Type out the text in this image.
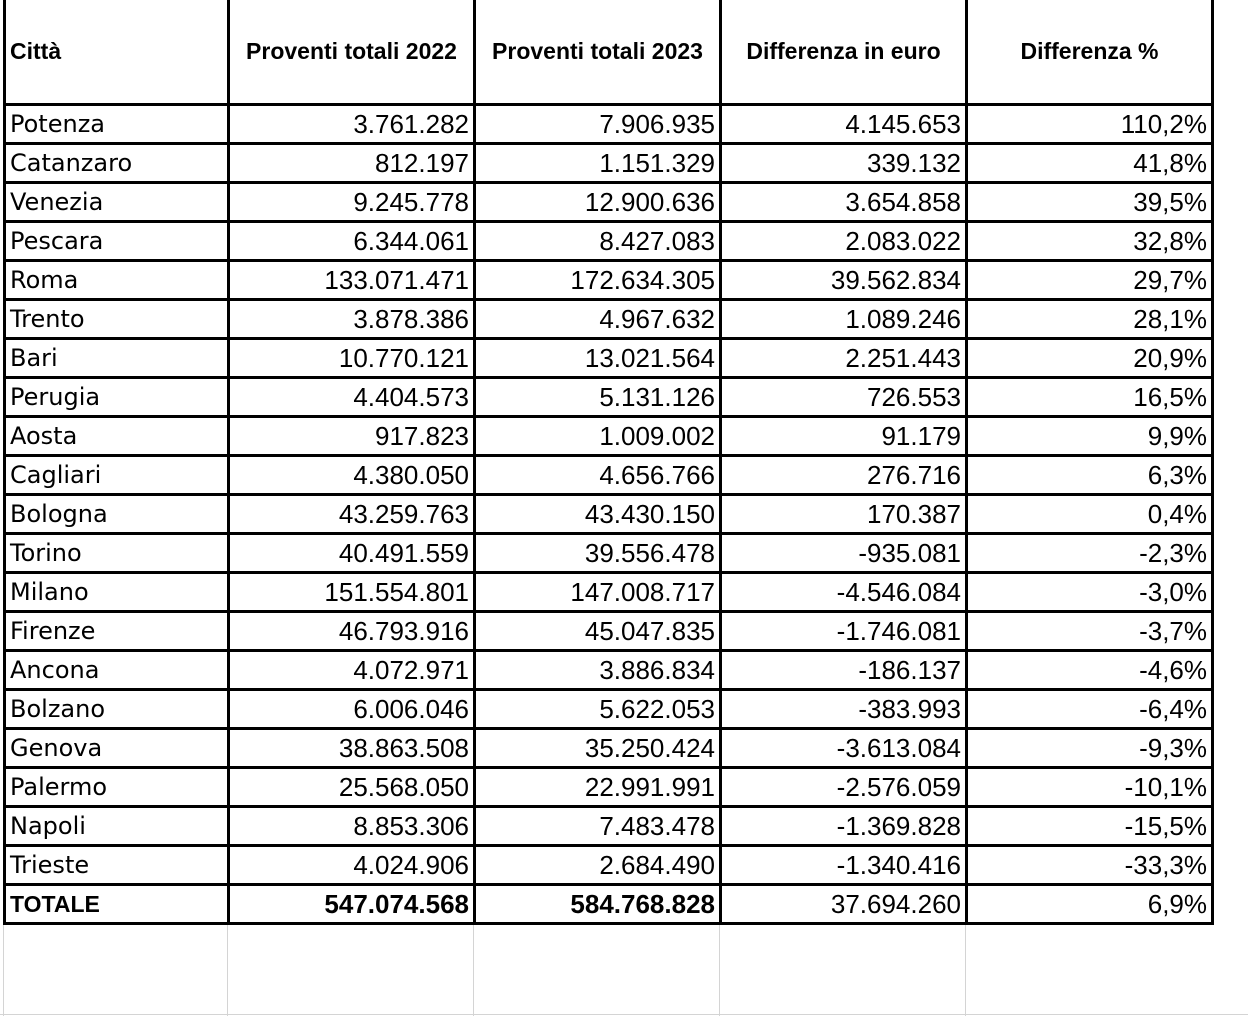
Città	Proventi totali 2022	Proventi totali 2023	Differenza in euro	Differenza %
Potenza	3.761.282	7.906.935	4.145.653	110,2%
Catanzaro	812.197	1.151.329	339.132	41,8%
Venezia	9.245.778	12.900.636	3.654.858	39,5%
Pescara	6.344.061	8.427.083	2.083.022	32,8%
Roma	133.071.471	172.634.305	39.562.834	29,7%
Trento	3.878.386	4.967.632	1.089.246	28,1%
Bari	10.770.121	13.021.564	2.251.443	20,9%
Perugia	4.404.573	5.131.126	726.553	16,5%
Aosta	917.823	1.009.002	91.179	9,9%
Cagliari	4.380.050	4.656.766	276.716	6,3%
Bologna	43.259.763	43.430.150	170.387	0,4%
Torino	40.491.559	39.556.478	-935.081	-2,3%
Milano	151.554.801	147.008.717	-4.546.084	-3,0%
Firenze	46.793.916	45.047.835	-1.746.081	-3,7%
Ancona	4.072.971	3.886.834	-186.137	-4,6%
Bolzano	6.006.046	5.622.053	-383.993	-6,4%
Genova	38.863.508	35.250.424	-3.613.084	-9,3%
Palermo	25.568.050	22.991.991	-2.576.059	-10,1%
Napoli	8.853.306	7.483.478	-1.369.828	-15,5%
Trieste	4.024.906	2.684.490	-1.340.416	-33,3%
TOTALE	547.074.568	584.768.828	37.694.260	6,9%
